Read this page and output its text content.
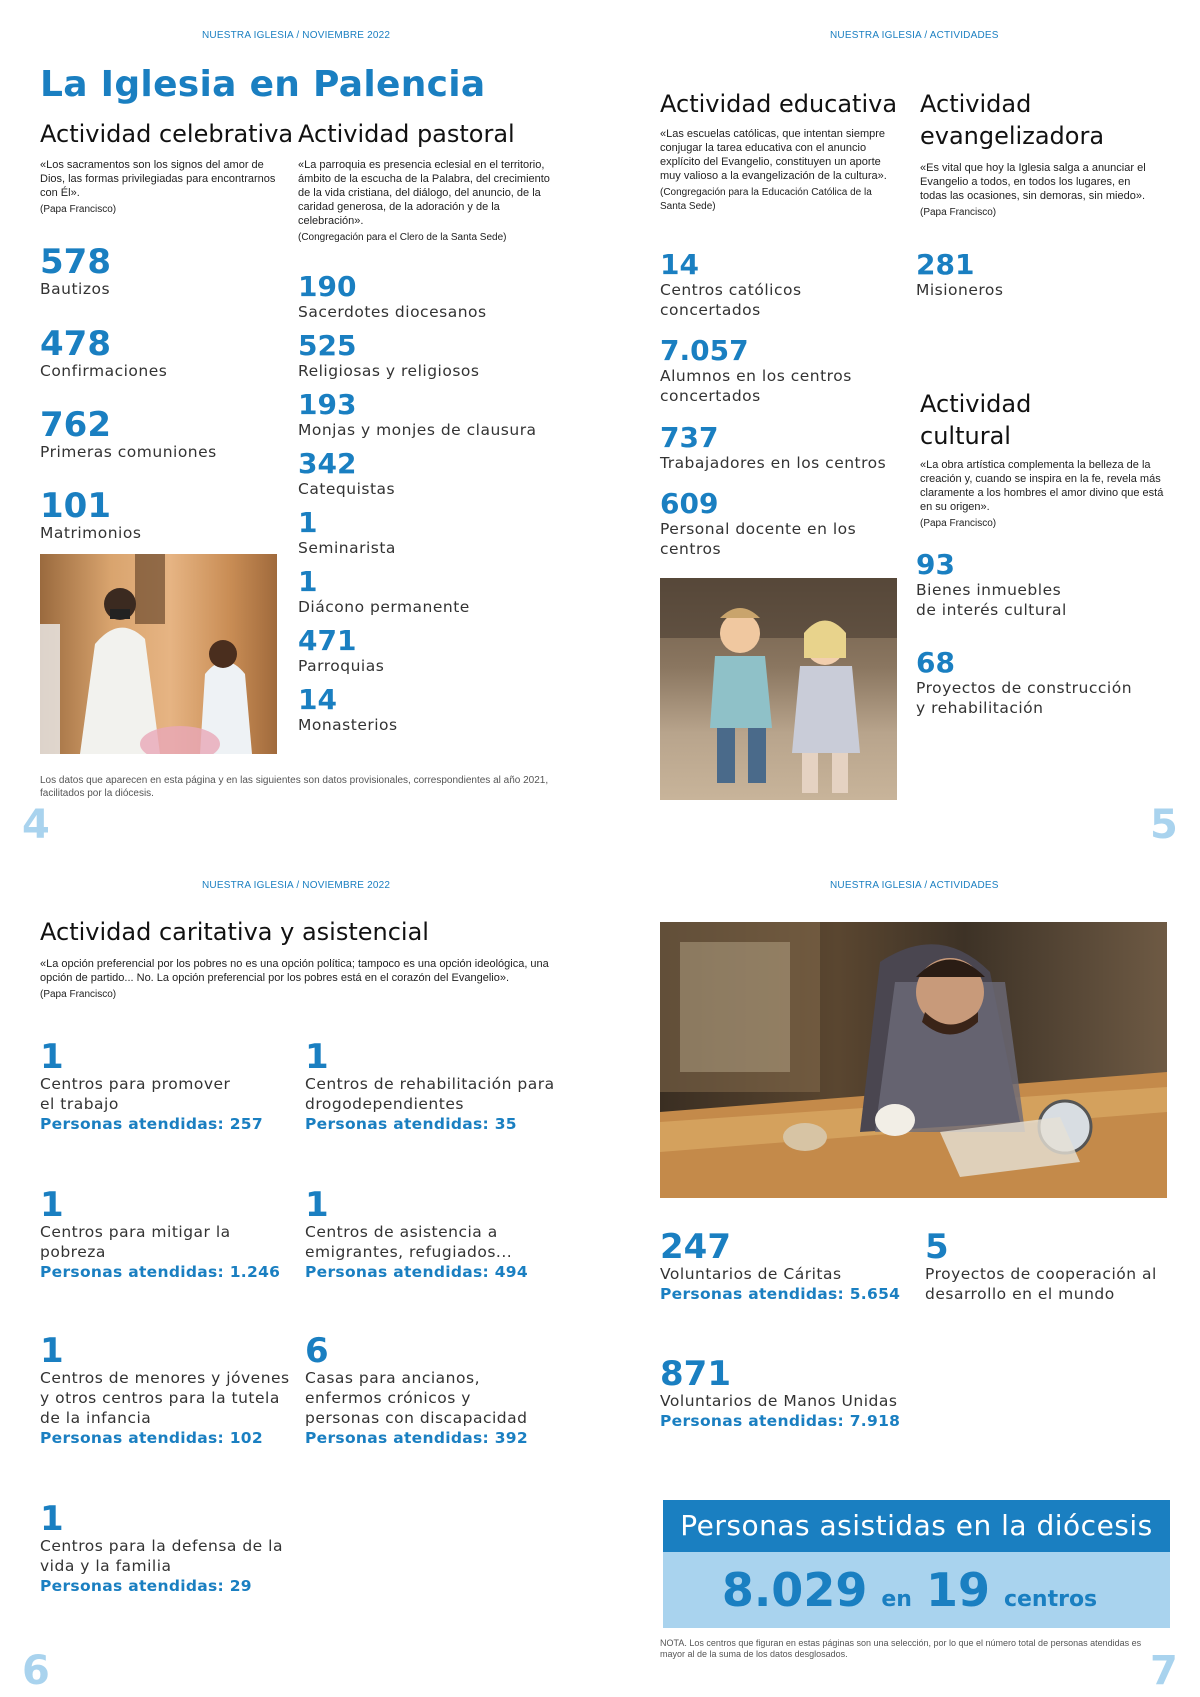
NUESTRA IGLESIA / NOVIEMBRE 2022
La Iglesia en Palencia
Actividad celebrativa
«Los sacramentos son los signos del amor de Dios, las formas privilegiadas para encontrarnos con Él».
(Papa Francisco)
578
Bautizos
478
Confirmaciones
762
Primeras comuniones
101
Matrimonios
Actividad pastoral
«La parroquia es presencia eclesial en el territorio, ámbito de la escucha de la Palabra, del crecimiento de la vida cristiana, del diálogo, del anuncio, de la caridad generosa, de la adoración y de la celebración».
(Congregación para el Clero de la Santa Sede)
190
Sacerdotes diocesanos
525
Religiosas y religiosos
193
Monjas y monjes de clausura
342
Catequistas
1
Seminarista
1
Diácono permanente
471
Parroquias
14
Monasterios
Los datos que aparecen en esta página y en las siguientes son datos provisionales, correspondientes al año 2021, facilitados por la diócesis.
4
NUESTRA IGLESIA / ACTIVIDADES
Actividad educativa
«Las escuelas católicas, que intentan siempre conjugar la tarea educativa con el anuncio explícito del Evangelio, constituyen un aporte muy valioso a la evangelización de la cultura».
(Congregación para la Educación Católica de la Santa Sede)
14
Centros católicos concertados
7.057
Alumnos en los centros concertados
737
Trabajadores en los centros
609
Personal docente en los centros
Actividad
evangelizadora
«Es vital que hoy la Iglesia salga a anunciar el Evangelio a todos, en todos los lugares, en todas las ocasiones, sin demoras, sin miedo».
(Papa Francisco)
281
Misioneros
Actividad
cultural
«La obra artística complementa la belleza de la creación y, cuando se inspira en la fe, revela más claramente a los hombres el amor divino que está en su origen».
(Papa Francisco)
93
Bienes inmuebles
de interés cultural
68
Proyectos de construcción
y rehabilitación
5
NUESTRA IGLESIA / NOVIEMBRE 2022
Actividad caritativa y asistencial
«La opción preferencial por los pobres no es una opción política; tampoco es una opción ideológica, una opción de partido... No. La opción preferencial por los pobres está en el corazón del Evangelio».
(Papa Francisco)
1
Centros para promover
el trabajo
Personas atendidas: 257
1
Centros de rehabilitación para
drogodependientes
Personas atendidas: 35
1
Centros para mitigar la
pobreza
Personas atendidas: 1.246
1
Centros de asistencia a
emigrantes, refugiados...
Personas atendidas: 494
1
Centros de menores y jóvenes
y otros centros para la tutela
de la infancia
Personas atendidas: 102
6
Casas para ancianos,
enfermos crónicos y
personas con discapacidad
Personas atendidas: 392
1
Centros para la defensa de la
vida y la familia
Personas atendidas: 29
6
NUESTRA IGLESIA / ACTIVIDADES
247
Voluntarios de Cáritas
Personas atendidas: 5.654
5
Proyectos de cooperación al
desarrollo en el mundo
871
Voluntarios de Manos Unidas
Personas atendidas: 7.918
Personas asistidas en la diócesis
8.029 en 19 centros
NOTA. Los centros que figuran en estas páginas son una selección, por lo que el número total de personas atendidas es mayor al de la suma de los datos desglosados.	7
